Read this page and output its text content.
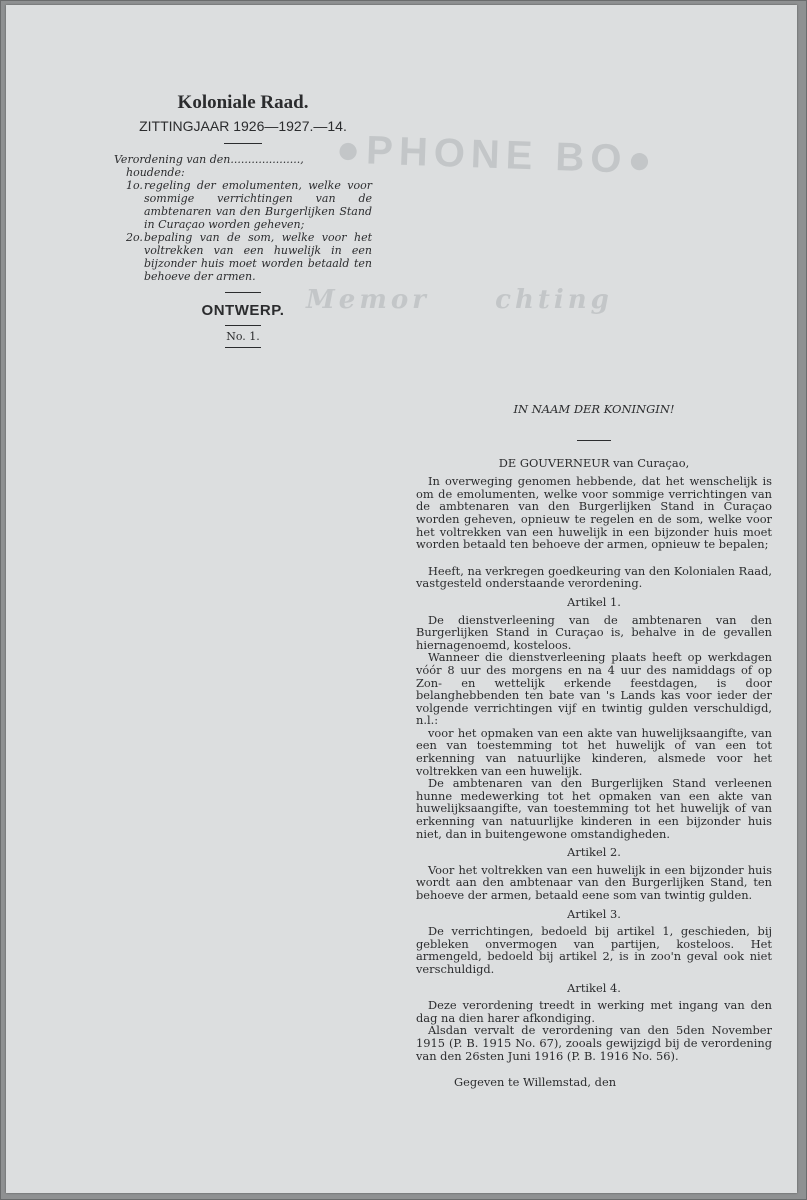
●PHONE BO●
Memor     chting

Koloniale Raad.

ZITTINGJAAR 1926—1927.—14.

Verordening van den....................,
houdende:
1o. regeling der emolumenten, welke voor sommige verrichtingen van de ambtenaren van den Burgerlijken Stand in Curaçao worden geheven;
2o. bepaling van de som, welke voor het voltrekken van een huwelijk in een bijzonder huis moet worden betaald ten behoeve der armen.

ONTWERP.

No. 1.

IN NAAM DER KONINGIN!
DE GOUVERNEUR van Curaçao,

In overweging genomen hebbende, dat het wenschelijk is om de emolumenten, welke voor sommige verrichtingen van de ambtenaren van den Burgerlijken Stand in Curaçao worden geheven, opnieuw te regelen en de som, welke voor het voltrekken van een huwelijk in een bijzonder huis moet worden betaald ten behoeve der armen, opnieuw te bepalen;

Heeft, na verkregen goedkeuring van den Kolonialen Raad, vastgesteld onderstaande verordening.

Artikel 1.

De dienstverleening van de ambtenaren van den Burgerlijken Stand in Curaçao is, behalve in de gevallen hiernagenoemd, kosteloos.

Wanneer die dienstverleening plaats heeft op werkdagen vóór 8 uur des morgens en na 4 uur des namiddags of op Zon- en wettelijk erkende feestdagen, is door belanghebbenden ten bate van 's Lands kas voor ieder der volgende verrichtingen vijf en twintig gulden verschuldigd, n.l.:

voor het opmaken van een akte van huwelijksaangifte, van een van toestemming tot het huwelijk of van een tot erkenning van natuurlijke kinderen, alsmede voor het voltrekken van een huwelijk.

De ambtenaren van den Burgerlijken Stand verleenen hunne medewerking tot het opmaken van een akte van huwelijksaangifte, van toestemming tot het huwelijk of van erkenning van natuurlijke kinderen in een bijzonder huis niet, dan in buitengewone omstandigheden.

Artikel 2.

Voor het voltrekken van een huwelijk in een bijzonder huis wordt aan den ambtenaar van den Burgerlijken Stand, ten behoeve der armen, betaald eene som van twintig gulden.

Artikel 3.

De verrichtingen, bedoeld bij artikel 1, geschieden, bij gebleken onvermogen van partijen, kosteloos. Het armengeld, bedoeld bij artikel 2, is in zoo'n geval ook niet verschuldigd.

Artikel 4.

Deze verordening treedt in werking met ingang van den dag na dien harer afkondiging.

Alsdan vervalt de verordening van den 5den November 1915 (P. B. 1915 No. 67), zooals gewijzigd bij de verordening van den 26sten Juni 1916 (P. B. 1916 No. 56).

Gegeven te Willemstad, den
